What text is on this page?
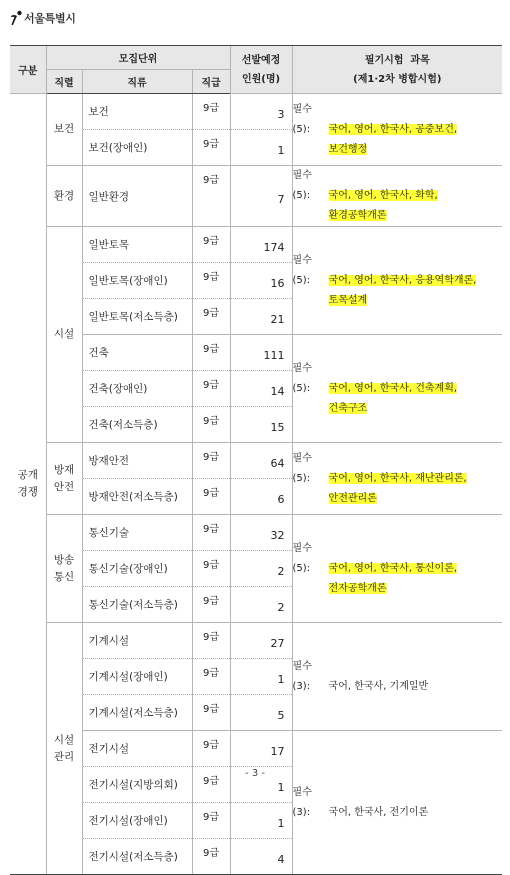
서울특별시
구분	모집단위			선발예정
인원(명)	필기시험  과목
(제1·2차 병합시험)
	직렬	직류	직급		
공개
경쟁	보건	보건	9급	3	필수(5): 국어, 영어, 한국사, 공중보건,
보건행정

		보건(장애인)	9급	1	
	환경	일반환경	9급	7	필수(5): 국어, 영어, 한국사, 화학,
환경공학개론

	시설	일반토목	9급	174	필수(5): 국어, 영어, 한국사, 응용역학개론,
토목설계

		일반토목(장애인)	9급	16	
		일반토목(저소득층)	9급	21	
		건축	9급	111	필수(5): 국어, 영어, 한국사, 건축계획,
건축구조

		건축(장애인)	9급	14	
		건축(저소득층)	9급	15	
	방재
안전	방재안전	9급	64	필수(5): 국어, 영어, 한국사, 재난관리론,
안전관리론

		방재안전(저소득층)	9급	6	
	방송
통신	통신기술	9급	32	필수(5): 국어, 영어, 한국사, 통신이론,
전자공학개론

		통신기술(장애인)	9급	2	
		통신기술(저소득층)	9급	2	
	시설
관리	기계시설	9급	27	필수(3): 국어, 한국사, 기계일반
		기계시설(장애인)	9급	1	
		기계시설(저소득층)	9급	5	
		전기시설	9급	17	필수(3): 국어, 한국사, 전기이론
		전기시설(지방의회)	9급	1	
		전기시설(장애인)	9급	1	
		전기시설(저소득층)	9급	4	
- 3 -
